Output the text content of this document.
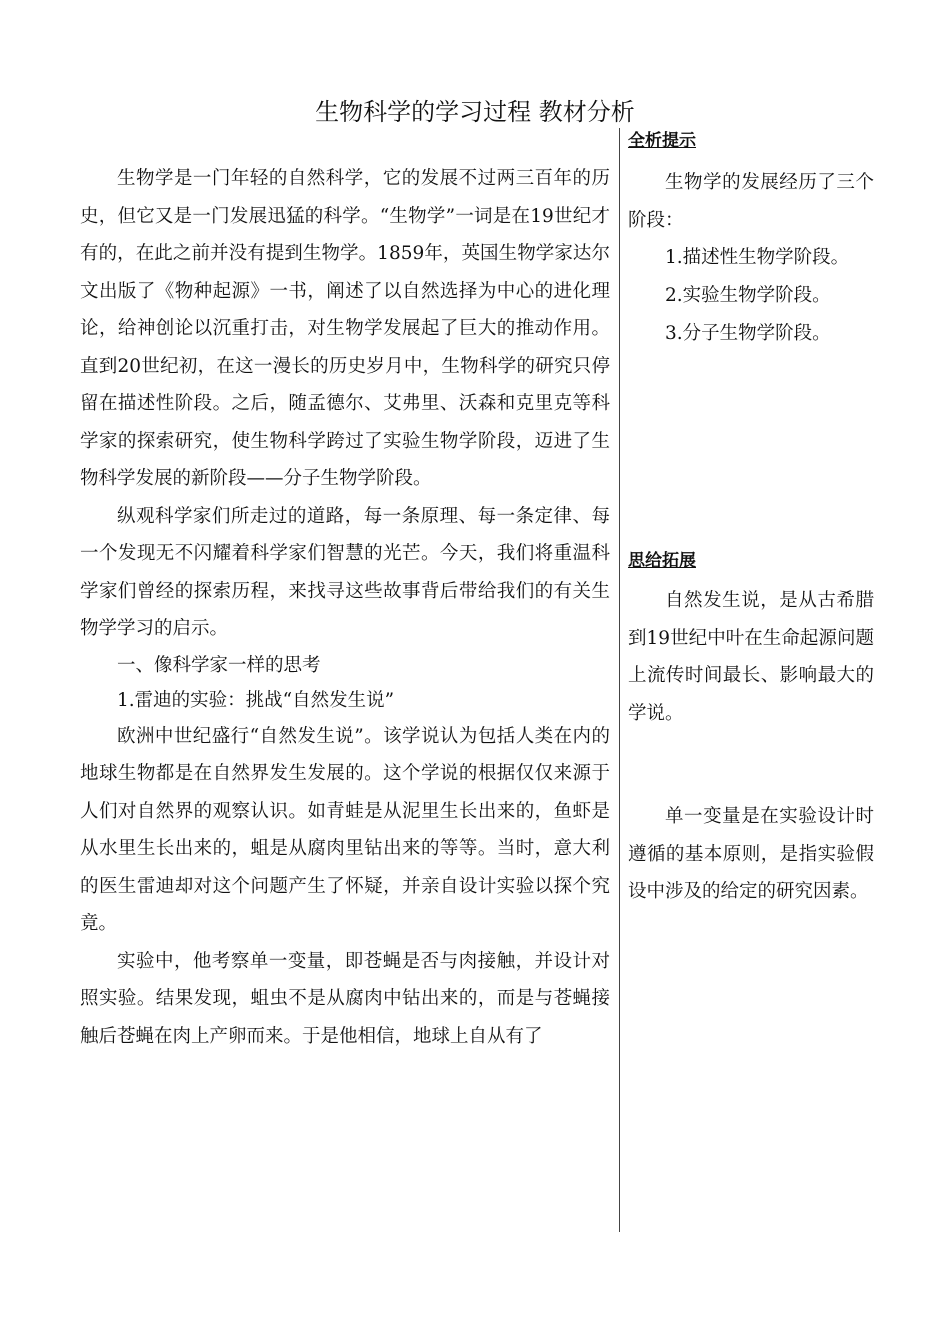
生物科学的学习过程 教材分析

生物学是一门年轻的自然科学，它的发展不过两三百年的历史，但它又是一门发展迅猛的科学。“生物学”一词是在19世纪才有的，在此之前并没有提到生物学。1859年，英国生物学家达尔文出版了《物种起源》一书，阐述了以自然选择为中心的进化理论，给神创论以沉重打击，对生物学发展起了巨大的推动作用。直到20世纪初，在这一漫长的历史岁月中，生物科学的研究只停留在描述性阶段。之后，随孟德尔、艾弗里、沃森和克里克等科学家的探索研究，使生物科学跨过了实验生物学阶段，迈进了生物科学发展的新阶段——分子生物学阶段。

纵观科学家们所走过的道路，每一条原理、每一条定律、每一个发现无不闪耀着科学家们智慧的光芒。今天，我们将重温科学家们曾经的探索历程，来找寻这些故事背后带给我们的有关生物学学习的启示。

一、像科学家一样的思考

1.雷迪的实验：挑战“自然发生说”

欧洲中世纪盛行“自然发生说”。该学说认为包括人类在内的地球生物都是在自然界发生发展的。这个学说的根据仅仅来源于人们对自然界的观察认识。如青蛙是从泥里生长出来的，鱼虾是从水里生长出来的，蛆是从腐肉里钻出来的等等。当时，意大利的医生雷迪却对这个问题产生了怀疑，并亲自设计实验以探个究竟。

实验中，他考察单一变量，即苍蝇是否与肉接触，并设计对照实验。结果发现，蛆虫不是从腐肉中钻出来的，而是与苍蝇接触后苍蝇在肉上产卵而来。于是他相信，地球上自从有了

全析提示

生物学的发展经历了三个阶段：

1.描述性生物学阶段。
2.实验生物学阶段。
3.分子生物学阶段。

思给拓展

自然发生说，是从古希腊到19世纪中叶在生命起源问题上流传时间最长、影响最大的学说。

单一变量是在实验设计时遵循的基本原则，是指实验假设中涉及的给定的研究因素。
